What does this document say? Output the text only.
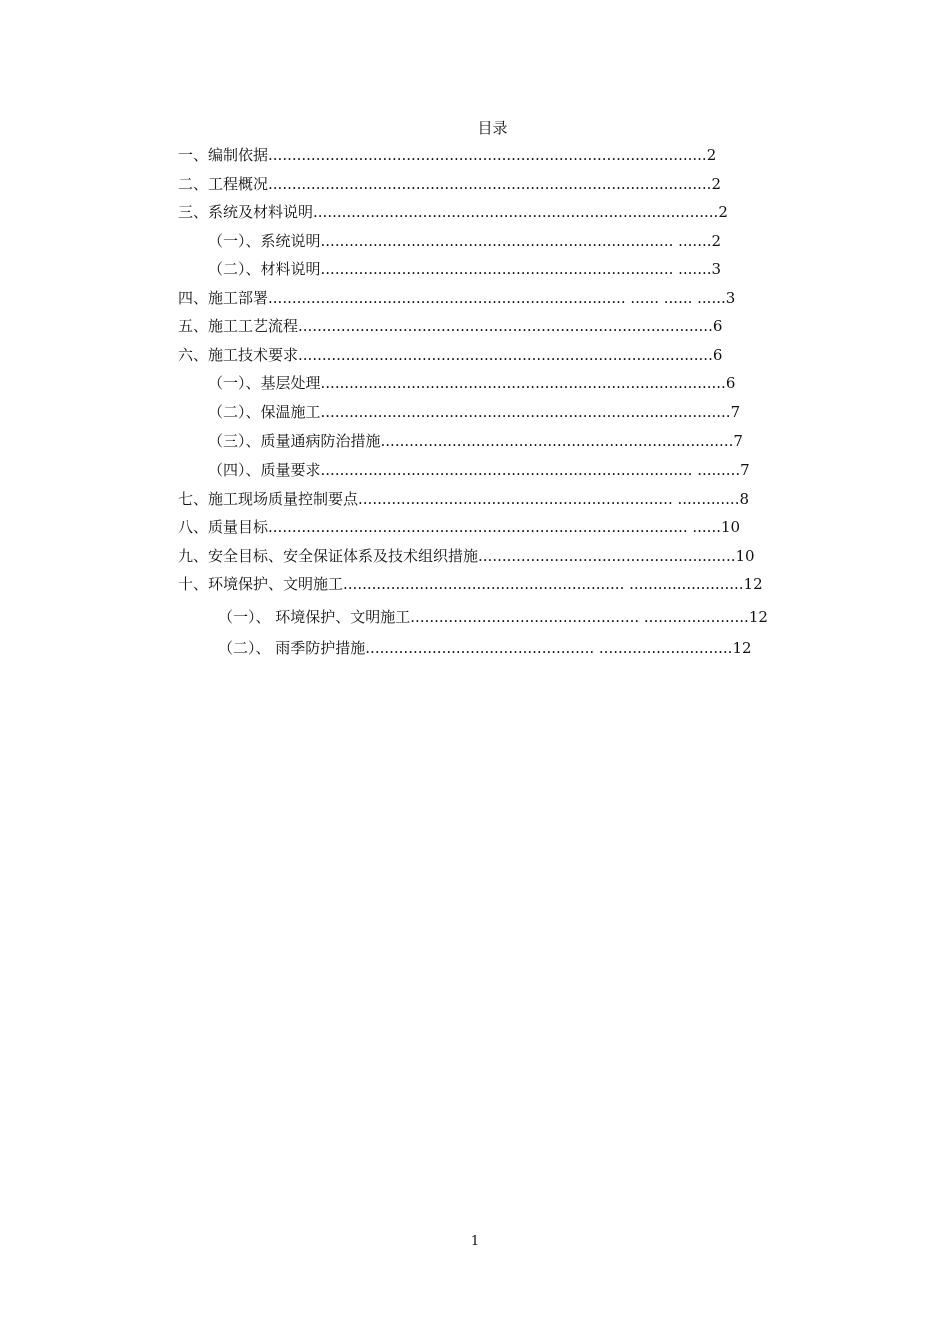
目录
一、编制依据............................................................................................2
二、工程概况.............................................................................................2
三、系统及材料说明.....................................................................................2
（一）、系统说明.......................................................................... .......2
（二）、材料说明.......................................................................... .......3
四、施工部署........................................................................... ...... ...... ......3
五、施工工艺流程.......................................................................................6
六、施工技术要求.......................................................................................6
（一）、基层处理.....................................................................................6
（二）、保温施工......................................................................................7
（三）、质量通病防治措施..........................................................................7
（四）、质量要求.............................................................................. .........7
七、施工现场质量控制要点.................................................................. .............8
八、质量目标........................................................................................ ......10
九、安全目标、安全保证体系及技术组织措施......................................................10
十、环境保护、文明施工........................................................... ........................12
（一）、 环境保护、文明施工................................................ ......................12
（二）、 雨季防护措施................................................ ............................12
1
